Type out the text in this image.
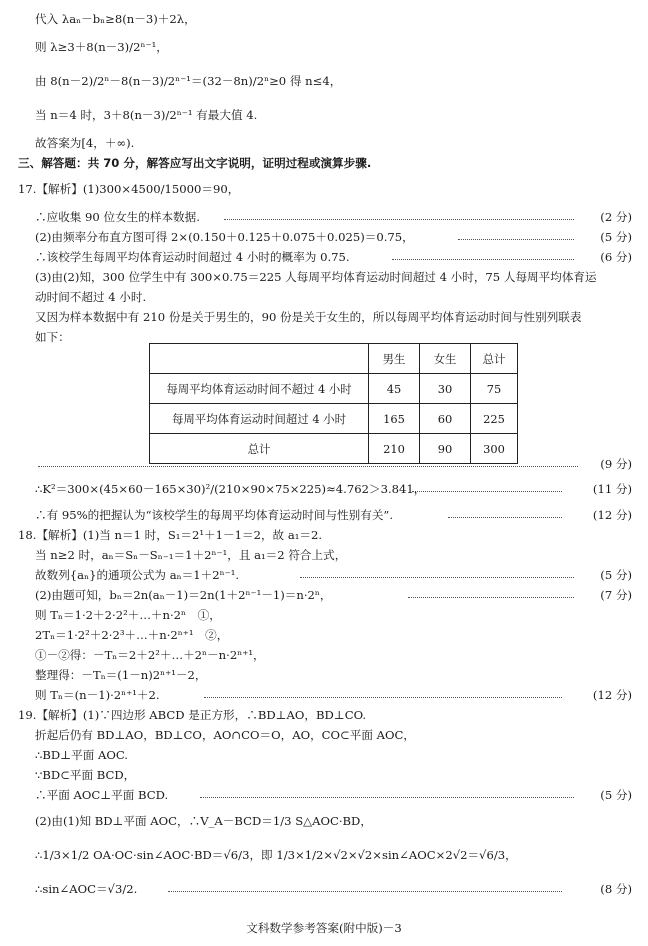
代入 λaₙ－bₙ≥8(n－3)＋2λ，
则 λ≥3＋8(n－3)/2ⁿ⁻¹，
由 8(n－2)/2ⁿ－8(n－3)/2ⁿ⁻¹＝(32－8n)/2ⁿ≥0 得 n≤4，
当 n＝4 时，3＋8(n－3)/2ⁿ⁻¹ 有最大值 4.
故答案为[4，＋∞).
三、解答题：共 70 分，解答应写出文字说明，证明过程或演算步骤.
17.【解析】(1)300×4500/15000＝90，
∴应收集 90 位女生的样本数据.	(2 分)
(2)由频率分布直方图可得 2×(0.150＋0.125＋0.075＋0.025)＝0.75，	(5 分)
∴该校学生每周平均体育运动时间超过 4 小时的概率为 0.75.	(6 分)
(3)由(2)知，300 位学生中有 300×0.75＝225 人每周平均体育运动时间超过 4 小时，75 人每周平均体育运
动时间不超过 4 小时.
又因为样本数据中有 210 份是关于男生的，90 份是关于女生的，所以每周平均体育运动时间与性别列联表
如下：
	男生	女生	总计
每周平均体育运动时间不超过 4 小时	45	30	75
每周平均体育运动时间超过 4 小时	165	60	225
总计	210	90	300
(9 分)
∴K²＝300×(45×60－165×30)²/(210×90×75×225)≈4.762＞3.841，	(11 分)
∴有 95%的把握认为“该校学生的每周平均体育运动时间与性别有关”.	(12 分)
18.【解析】(1)当 n＝1 时，S₁＝2¹＋1－1＝2，故 a₁＝2.
当 n≥2 时，aₙ＝Sₙ－Sₙ₋₁＝1＋2ⁿ⁻¹，且 a₁＝2 符合上式，
故数列{aₙ}的通项公式为 aₙ＝1＋2ⁿ⁻¹.	(5 分)
(2)由题可知，bₙ＝2n(aₙ－1)＝2n(1＋2ⁿ⁻¹－1)＝n·2ⁿ，	(7 分)
则 Tₙ＝1·2＋2·2²＋…＋n·2ⁿ　①，
2Tₙ＝1·2²＋2·2³＋…＋n·2ⁿ⁺¹　②，
①－②得：－Tₙ＝2＋2²＋…＋2ⁿ－n·2ⁿ⁺¹，
整理得：－Tₙ＝(1－n)2ⁿ⁺¹－2，
则 Tₙ＝(n－1)·2ⁿ⁺¹＋2.	(12 分)
19.【解析】(1)∵四边形 ABCD 是正方形，∴BD⊥AO，BD⊥CO.
折起后仍有 BD⊥AO，BD⊥CO，AO∩CO＝O，AO，CO⊂平面 AOC，
∴BD⊥平面 AOC.
∵BD⊂平面 BCD，
∴平面 AOC⊥平面 BCD.	(5 分)
(2)由(1)知 BD⊥平面 AOC，∴V_A－BCD＝1/3 S△AOC·BD，
∴1/3×1/2 OA·OC·sin∠AOC·BD＝√6/3，即 1/3×1/2×√2×√2×sin∠AOC×2√2＝√6/3，
∴sin∠AOC＝√3/2.	(8 分)
文科数学参考答案(附中版)－3
